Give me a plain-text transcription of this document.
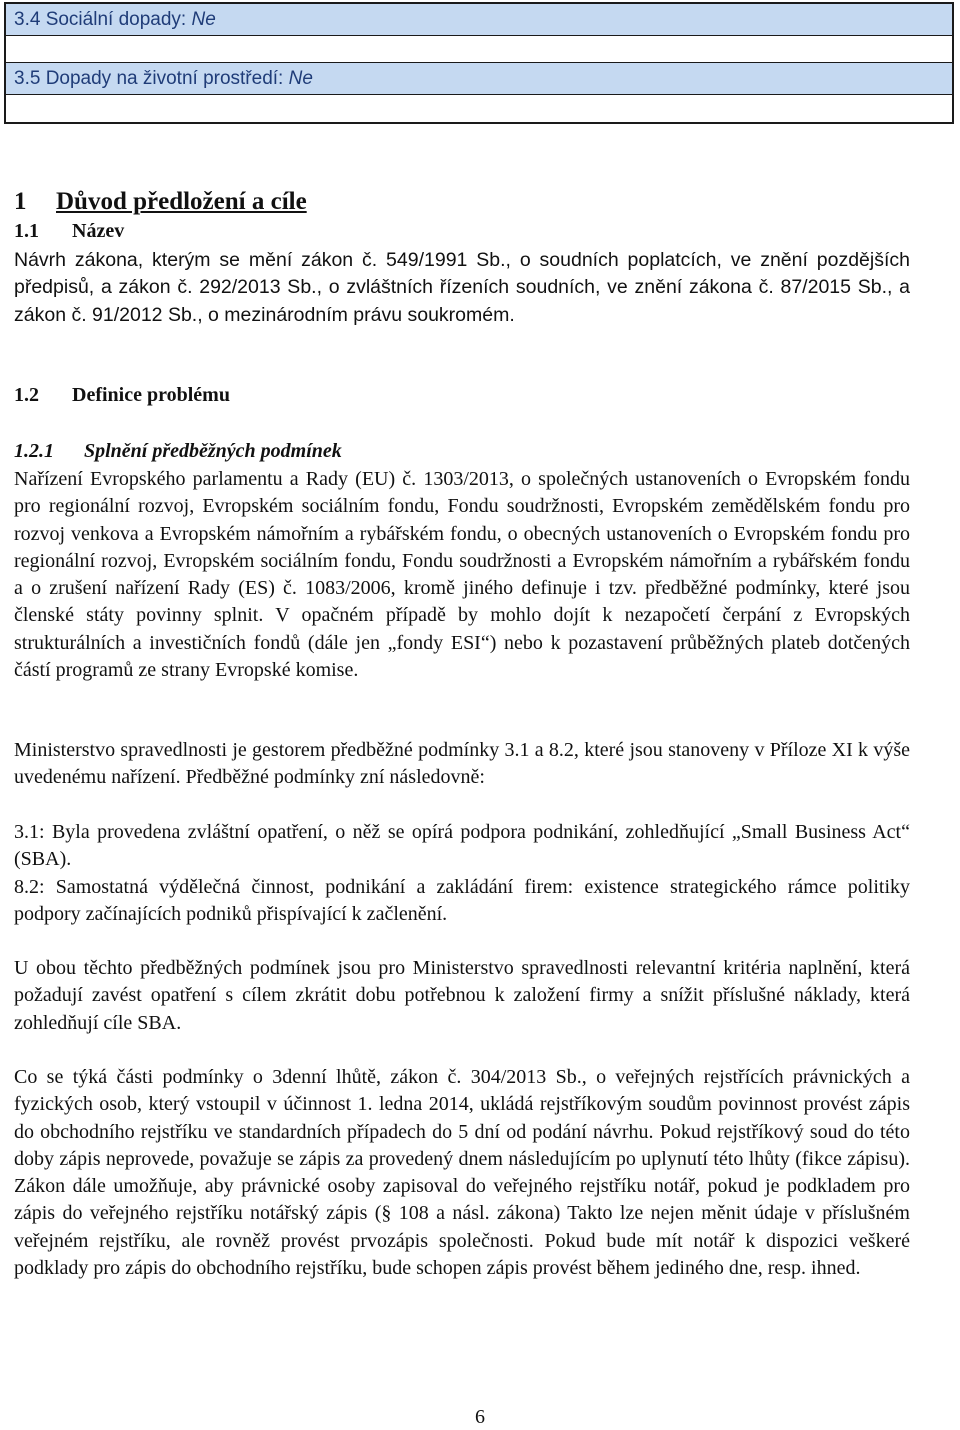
3.4 Sociální dopady: Ne
3.5 Dopady na životní prostředí: Ne
1 Důvod předložení a cíle
1.1 Název

Návrh zákona, kterým se mění zákon č. 549/1991 Sb., o soudních poplatcích, ve znění pozdějších předpisů, a zákon č. 292/2013 Sb., o zvláštních řízeních soudních, ve znění zákona č. 87/2015 Sb., a zákon č. 91/2012 Sb., o mezinárodním právu soukromém.

1.2 Definice problému
1.2.1 Splnění předběžných podmínek

Nařízení Evropského parlamentu a Rady (EU) č. 1303/2013, o společných ustanoveních o Evropském fondu pro regionální rozvoj, Evropském sociálním fondu, Fondu soudržnosti, Evropském zemědělském fondu pro rozvoj venkova a Evropském námořním a rybářském fondu, o obecných ustanoveních o Evropském fondu pro regionální rozvoj, Evropském sociálním fondu, Fondu soudržnosti a Evropském námořním a rybářském fondu a o zrušení nařízení Rady (ES) č. 1083/2006, kromě jiného definuje i tzv. předběžné podmínky, které jsou členské státy povinny splnit. V opačném případě by mohlo dojít k nezapočetí čerpání z Evropských strukturálních a investičních fondů (dále jen „fondy ESI“) nebo k pozastavení průběžných plateb dotčených částí programů ze strany Evropské komise.

Ministerstvo spravedlnosti je gestorem předběžné podmínky 3.1 a 8.2, které jsou stanoveny v Příloze XI k výše uvedenému nařízení. Předběžné podmínky zní následovně:

3.1: Byla provedena zvláštní opatření, o něž se opírá podpora podnikání, zohledňující „Small Business Act“ (SBA).

8.2: Samostatná výdělečná činnost, podnikání a zakládání firem: existence strategického rámce politiky podpory začínajících podniků přispívající k začlenění.

U obou těchto předběžných podmínek jsou pro Ministerstvo spravedlnosti relevantní kritéria naplnění, která požadují zavést opatření s cílem zkrátit dobu potřebnou k založení firmy a snížit příslušné náklady, která zohledňují cíle SBA.

Co se týká části podmínky o 3denní lhůtě, zákon č. 304/2013 Sb., o veřejných rejstřících právnických a fyzických osob, který vstoupil v účinnost 1. ledna 2014, ukládá rejstříkovým soudům povinnost provést zápis do obchodního rejstříku ve standardních případech do 5 dní od podání návrhu. Pokud rejstříkový soud do této doby zápis neprovede, považuje se zápis za provedený dnem následujícím po uplynutí této lhůty (fikce zápisu). Zákon dále umožňuje, aby právnické osoby zapisoval do veřejného rejstříku notář, pokud je podkladem pro zápis do veřejného rejstříku notářský zápis (§ 108 a násl. zákona) Takto lze nejen měnit údaje v příslušném veřejném rejstříku, ale rovněž provést prvozápis společnosti. Pokud bude mít notář k dispozici veškeré podklady pro zápis do obchodního rejstříku, bude schopen zápis provést během jediného dne, resp. ihned.

6
